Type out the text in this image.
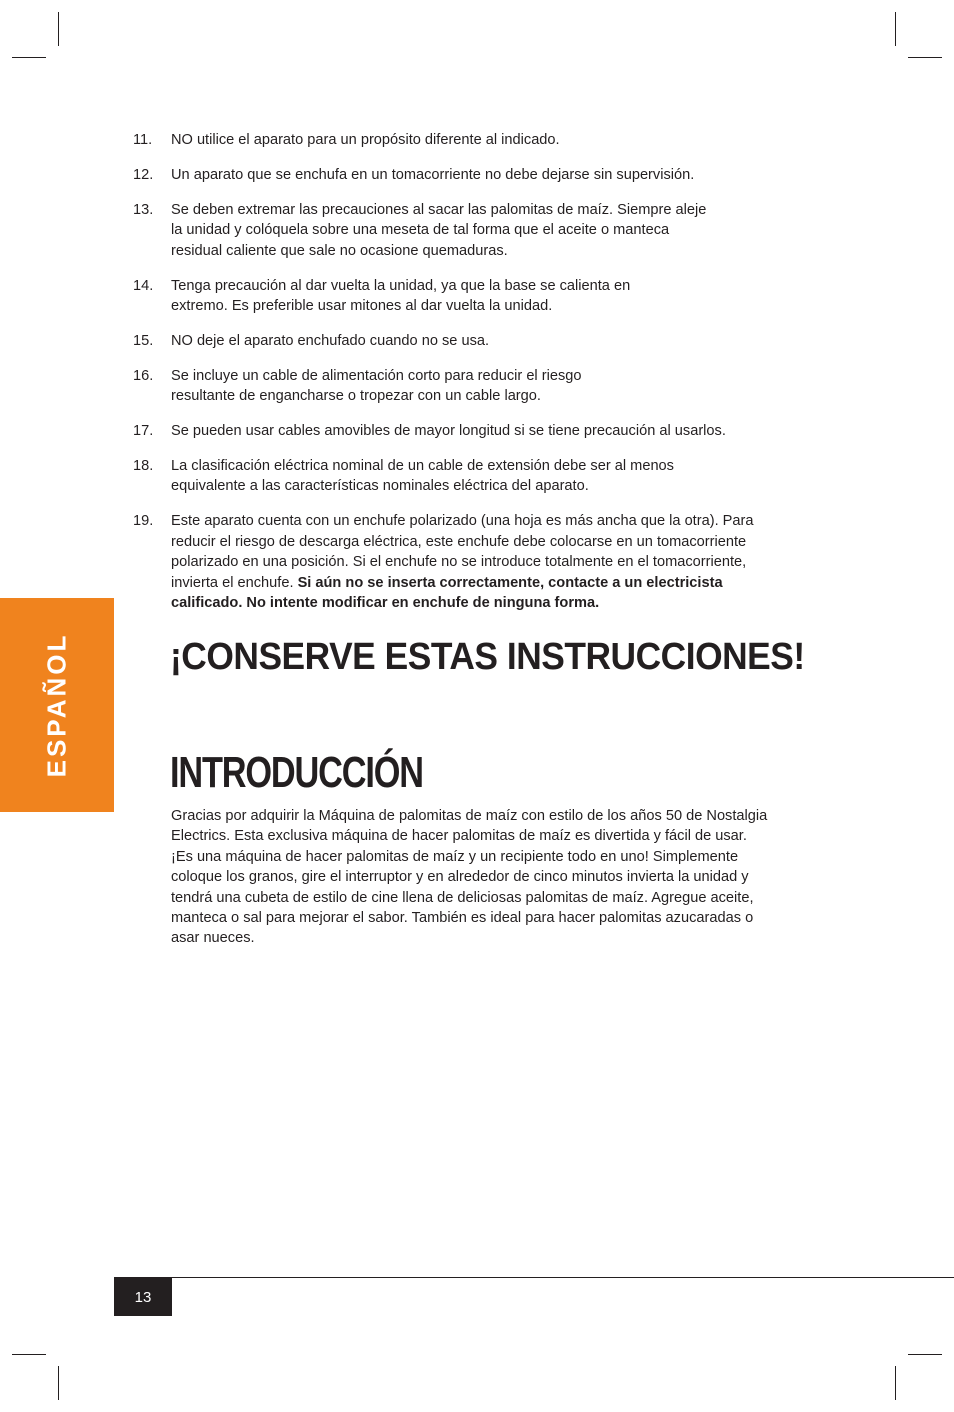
11.	NO utilice el aparato para un propósito diferente al indicado.
12.	Un aparato que se enchufa en un tomacorriente no debe dejarse sin supervisión.
13.	Se deben extremar las precauciones al sacar las palomitas de maíz. Siempre aleje la unidad y colóquela sobre una meseta de tal forma que el aceite o manteca residual caliente que sale no ocasione quemaduras.
14.	Tenga precaución al dar vuelta la unidad, ya que la base se calienta en extremo. Es preferible usar mitones al dar vuelta la unidad.
15.	NO deje el aparato enchufado cuando no se usa.
16.	Se incluye un cable de alimentación corto para reducir el riesgo resultante de engancharse o tropezar con un cable largo.
17.	Se pueden usar cables amovibles de mayor longitud si se tiene precaución al usarlos.
18.	La clasificación eléctrica nominal de un cable de extensión debe ser al menos equivalente a las características nominales eléctrica del aparato.
19.	Este aparato cuenta con un enchufe polarizado (una hoja es más ancha que la otra). Para reducir el riesgo de descarga eléctrica, este enchufe debe colocarse en un tomacorriente polarizado en una posición. Si el enchufe no se introduce totalmente en el tomacorriente, invierta el enchufe. Si aún no se inserta correctamente, contacte a un electricista calificado. No intente modificar en enchufe de ninguna forma.
¡CONSERVE ESTAS INSTRUCCIONES!
INTRODUCCIÓN

Gracias por adquirir la Máquina de palomitas de maíz con estilo de los años 50 de Nostalgia Electrics. Esta exclusiva máquina de hacer palomitas de maíz es divertida y fácil de usar. ¡Es una máquina de hacer palomitas de maíz y un recipiente todo en uno! Simplemente coloque los granos, gire el interruptor y en alrededor de cinco minutos invierta la unidad y tendrá una cubeta de estilo de cine llena de deliciosas palomitas de maíz. Agregue aceite, manteca o sal para mejorar el sabor. También es ideal para hacer palomitas azucaradas o asar nueces.

ESPAÑOL
13
